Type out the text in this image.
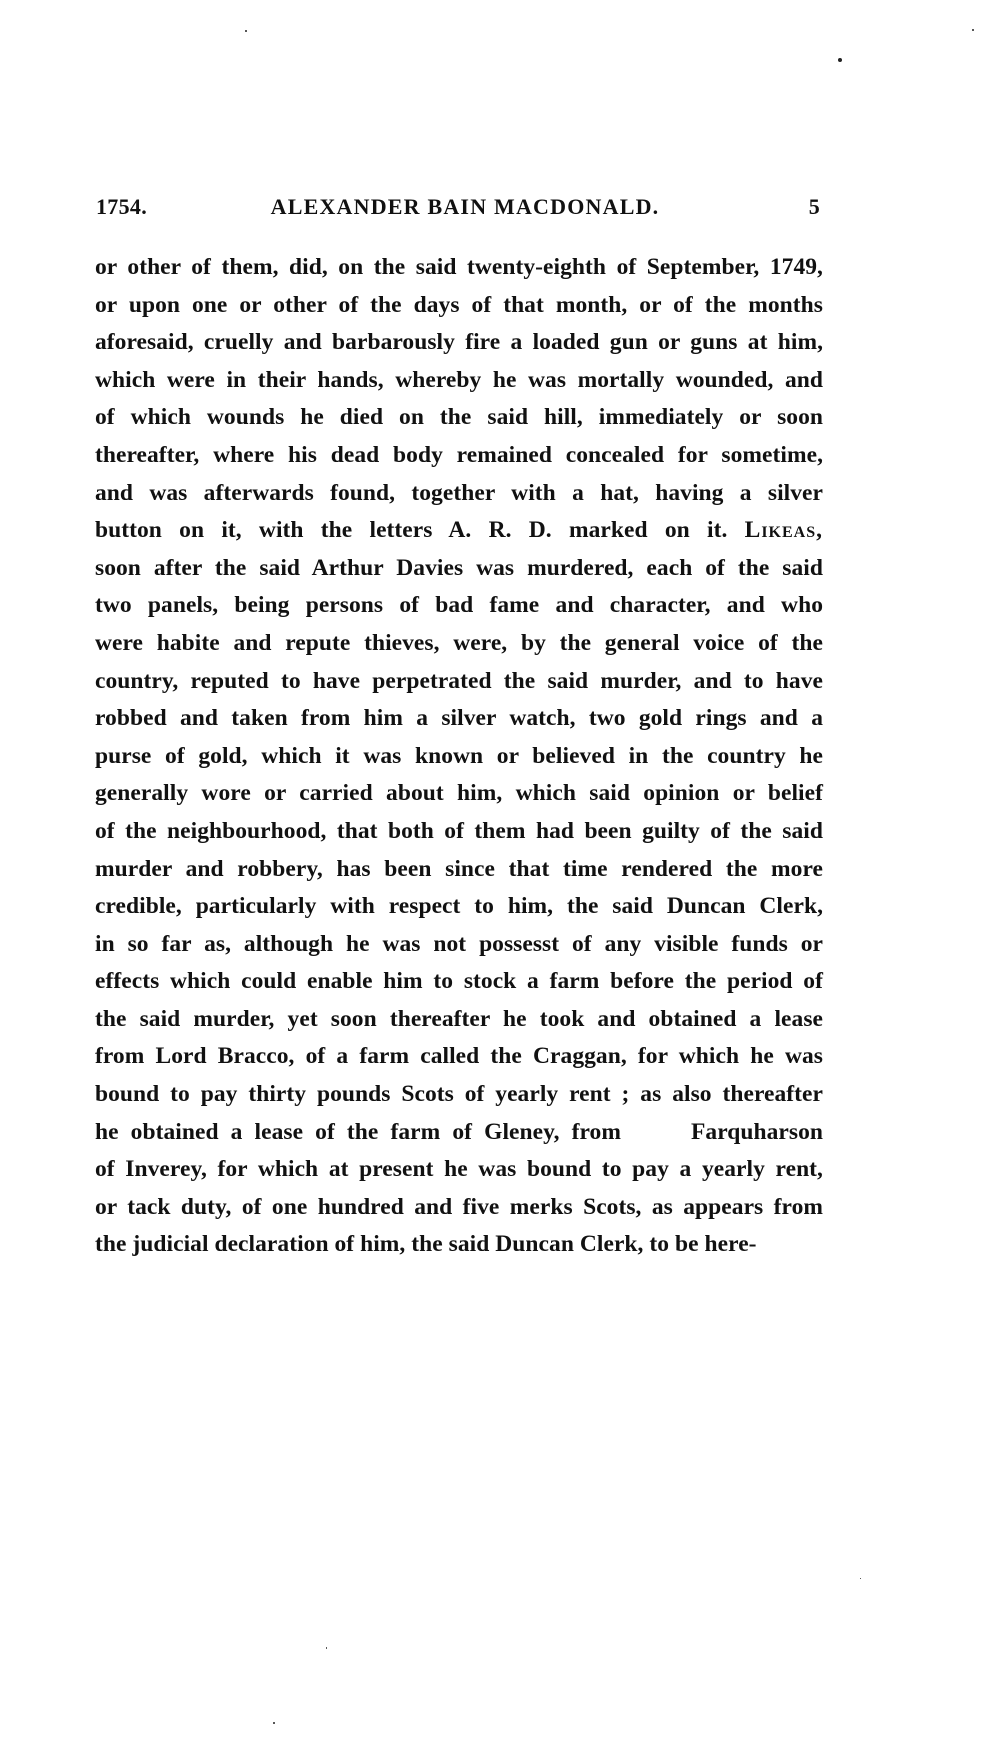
1754.	ALEXANDER BAIN MACDONALD.	5
or other of them, did, on the said twenty-eighth of September, 1749,
or upon one or other of the days of that month, or of the months
aforesaid, cruelly and barbarously fire a loaded gun or guns at him,
which were in their hands, whereby he was mortally wounded, and
of which wounds he died on the said hill, immediately or soon
thereafter, where his dead body remained concealed for sometime,
and was afterwards found, together with a hat, having a silver
button on it, with the letters A. R. D. marked on it. Likeas,
soon after the said Arthur Davies was murdered, each of the said
two panels, being persons of bad fame and character, and who
were habite and repute thieves, were, by the general voice of the
country, reputed to have perpetrated the said murder, and to have
robbed and taken from him a silver watch, two gold rings and a
purse of gold, which it was known or believed in the country he
generally wore or carried about him, which said opinion or belief
of the neighbourhood, that both of them had been guilty of the said
murder and robbery, has been since that time rendered the more
credible, particularly with respect to him, the said Duncan Clerk,
in so far as, although he was not possesst of any visible funds or
effects which could enable him to stock a farm before the period of
the said murder, yet soon thereafter he took and obtained a lease
from Lord Bracco, of a farm called the Craggan, for which he was
bound to pay thirty pounds Scots of yearly rent ; as also thereafter
he obtained a lease of the farm of Gleney, from	Farquharson
of Inverey, for which at present he was bound to pay a yearly rent,
or tack duty, of one hundred and five merks Scots, as appears from
the judicial declaration of him, the said Duncan Clerk, to be here-
